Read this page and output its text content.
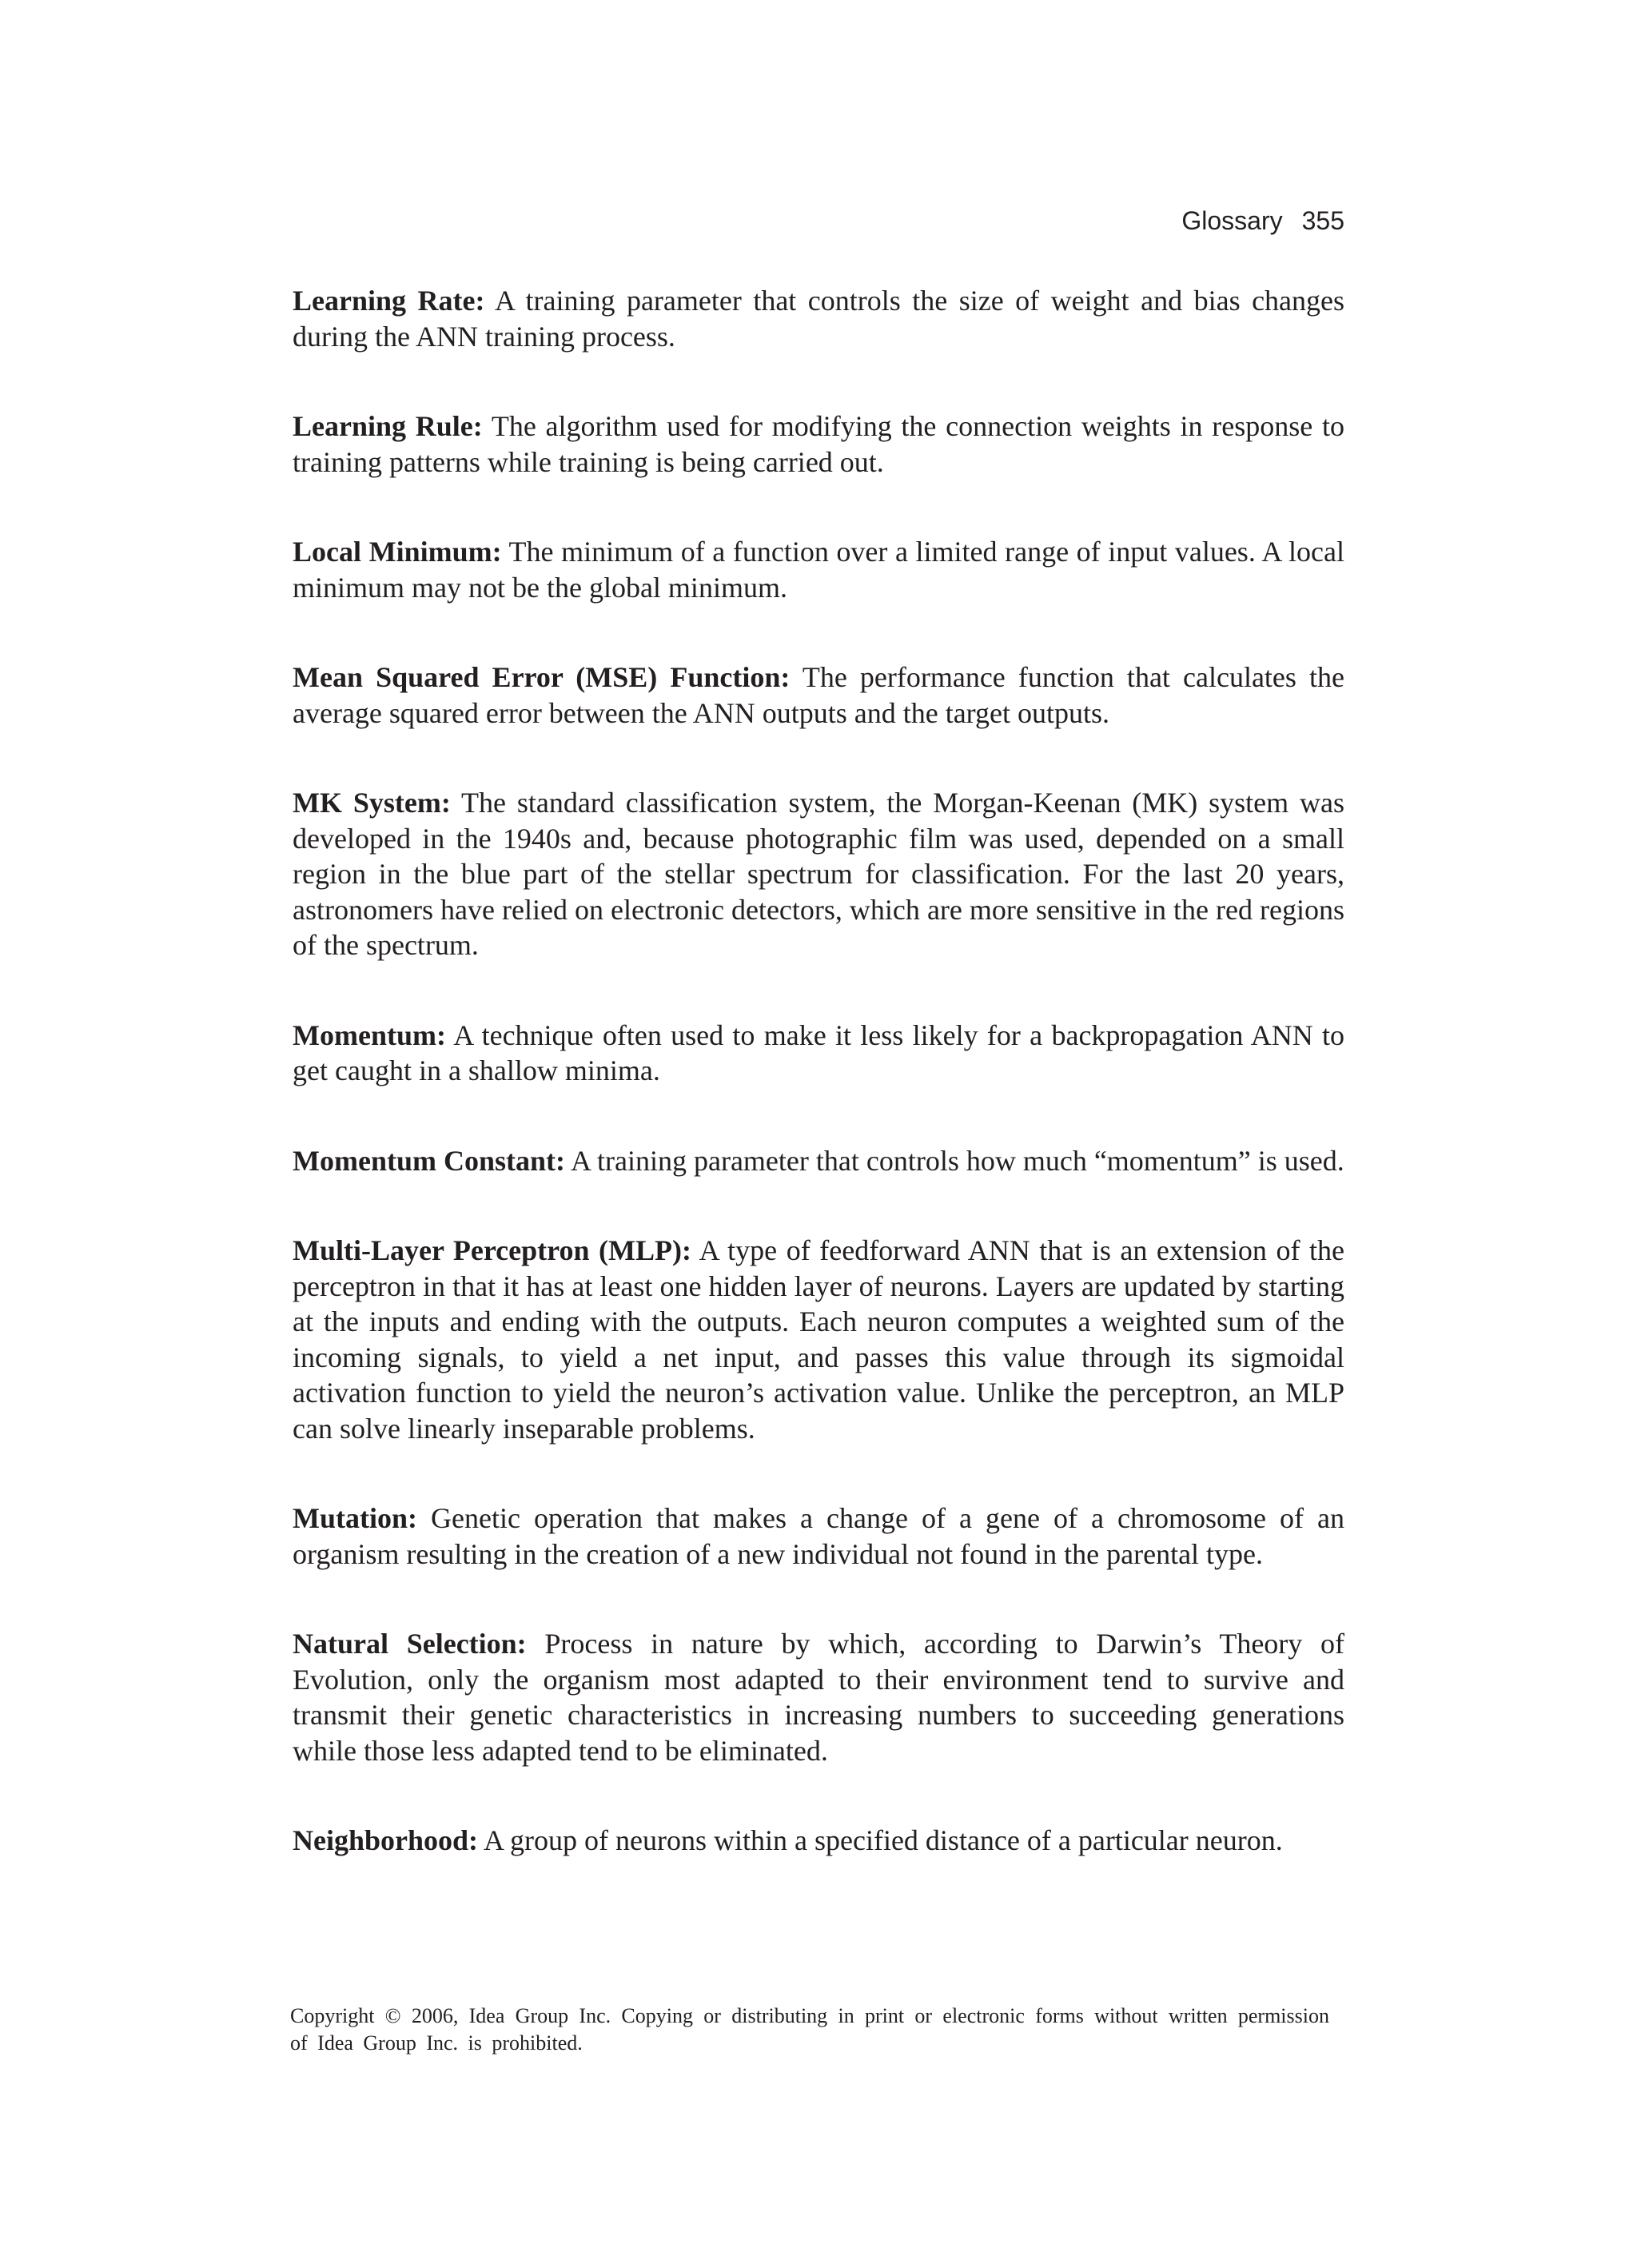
Glossary 355

Learning Rate: A training parameter that controls the size of weight and bias changes during the ANN training process.

Learning Rule: The algorithm used for modifying the connection weights in response to training patterns while training is being carried out.

Local Minimum: The minimum of a function over a limited range of input values. A local minimum may not be the global minimum.

Mean Squared Error (MSE) Function: The performance function that calculates the average squared error between the ANN outputs and the target outputs.

MK System: The standard classification system, the Morgan-Keenan (MK) system was developed in the 1940s and, because photographic film was used, depended on a small region in the blue part of the stellar spectrum for classification. For the last 20 years, astronomers have relied on electronic detectors, which are more sensitive in the red regions of the spectrum.

Momentum: A technique often used to make it less likely for a backpropagation ANN to get caught in a shallow minima.

Momentum Constant: A training parameter that controls how much “momentum” is used.

Multi-Layer Perceptron (MLP): A type of feedforward ANN that is an extension of the perceptron in that it has at least one hidden layer of neurons. Layers are updated by starting at the inputs and ending with the outputs. Each neuron computes a weighted sum of the incoming signals, to yield a net input, and passes this value through its sigmoidal activation function to yield the neuron’s activation value. Unlike the perceptron, an MLP can solve linearly inseparable problems.

Mutation: Genetic operation that makes a change of a gene of a chromosome of an organism resulting in the creation of a new individual not found in the parental type.

Natural Selection: Process in nature by which, according to Darwin’s Theory of Evolution, only the organism most adapted to their environment tend to survive and transmit their genetic characteristics in increasing numbers to succeeding generations while those less adapted tend to be eliminated.

Neighborhood: A group of neurons within a specified distance of a particular neuron.

Copyright © 2006, Idea Group Inc. Copying or distributing in print or electronic forms without written permission of Idea Group Inc. is prohibited.
